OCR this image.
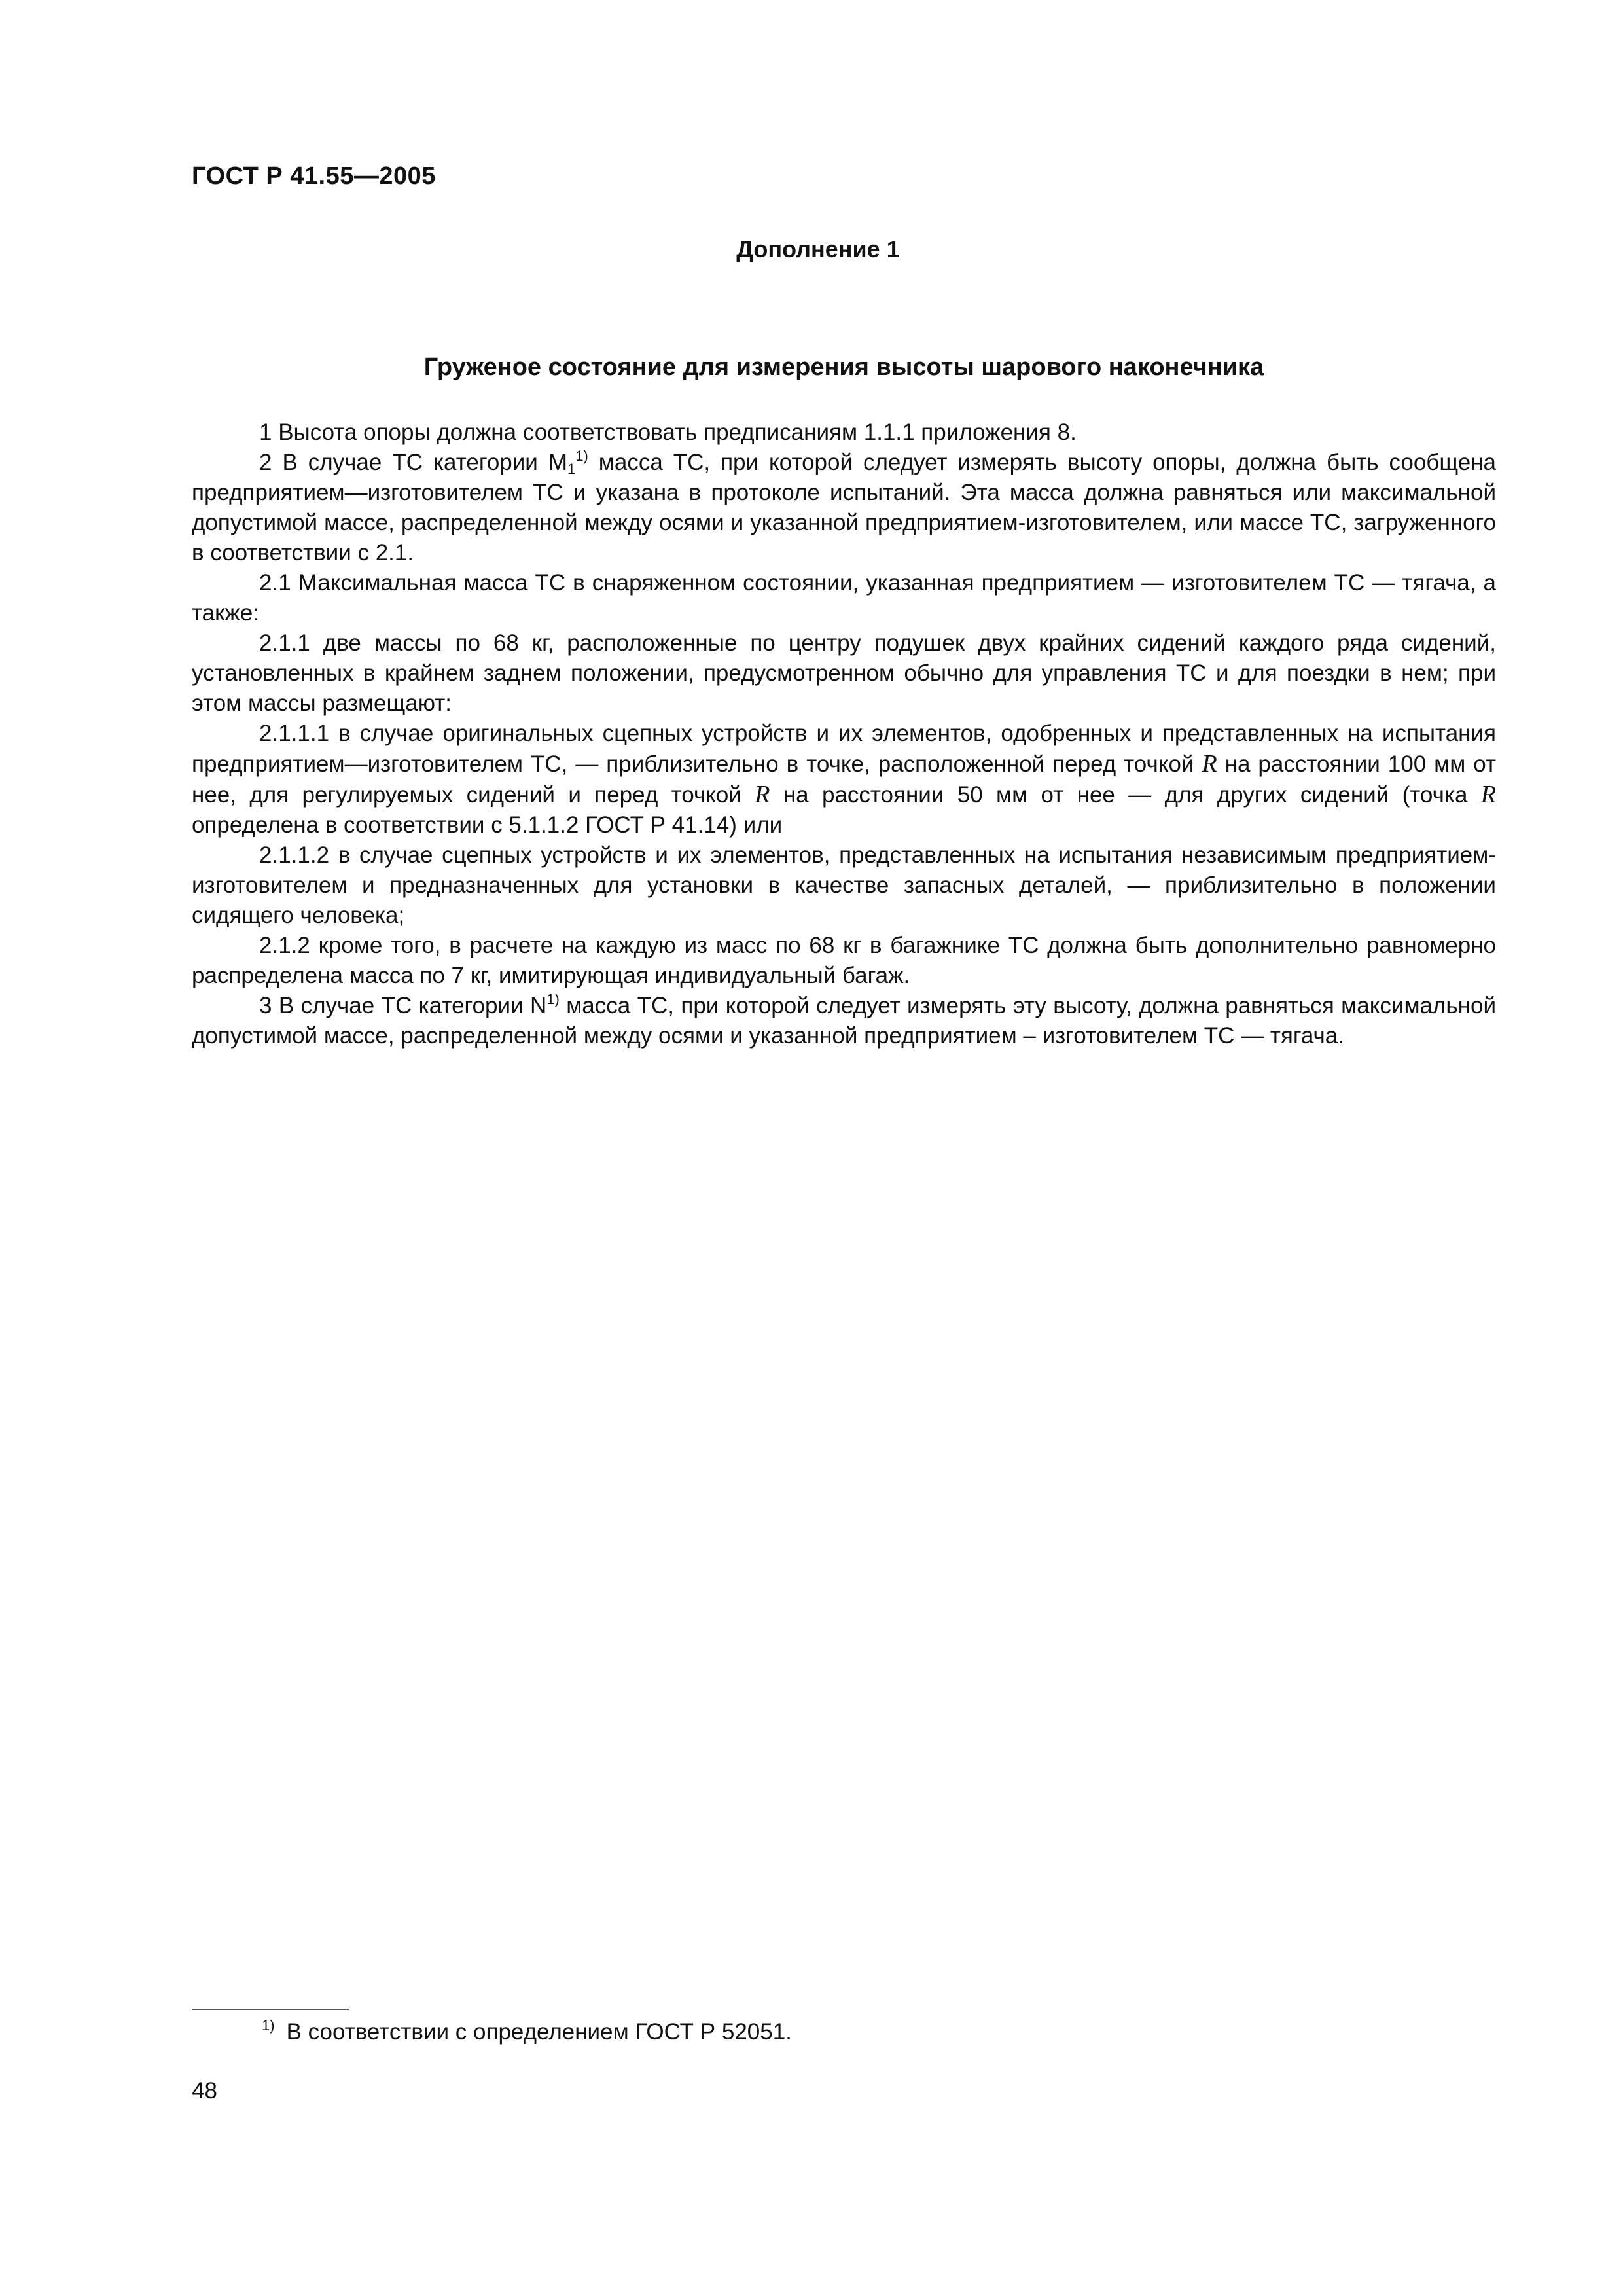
ГОСТ Р 41.55—2005
Дополнение 1
Груженое состояние для измерения высоты шарового наконечника

1 Высота опоры должна соответствовать предписаниям 1.1.1 приложения 8.

2 В случае ТС категории $М_1^{1)}$ масса ТС, при которой следует измерять высоту опоры, должна быть сообщена предприятием—изготовителем ТС и указана в протоколе испытаний. Эта масса должна равняться или максимальной допустимой массе, распределенной между осями и указанной предприятием-изготовителем, или массе ТС, загруженного в соответствии с 2.1.

2.1 Максимальная масса ТС в снаряженном состоянии, указанная предприятием — изготовителем ТС — тягача, а также:

2.1.1 две массы по 68 кг, расположенные по центру подушек двух крайних сидений каждого ряда сидений, установленных в крайнем заднем положении, предусмотренном обычно для управления ТС и для поездки в нем; при этом массы размещают:

2.1.1.1 в случае оригинальных сцепных устройств и их элементов, одобренных и представленных на испытания предприятием—изготовителем ТС, — приблизительно в точке, расположенной перед точкой R на расстоянии 100 мм от нее, для регулируемых сидений и перед точкой R на расстоянии 50 мм от нее — для других сидений (точка R определена в соответствии с 5.1.1.2 ГОСТ Р 41.14) или

2.1.1.2 в случае сцепных устройств и их элементов, представленных на испытания независимым предприятием-изготовителем и предназначенных для установки в качестве запасных деталей, — приблизительно в положении сидящего человека;

2.1.2 кроме того, в расчете на каждую из масс по 68 кг в багажнике ТС должна быть дополнительно равномерно распределена масса по 7 кг, имитирующая индивидуальный багаж.

3 В случае ТС категории $N^{1)}$ масса ТС, при которой следует измерять эту высоту, должна равняться максимальной допустимой массе, распределенной между осями и указанной предприятием – изготовителем ТС — тягача.

$^{1)}$ В соответствии с определением ГОСТ Р 52051.
48
